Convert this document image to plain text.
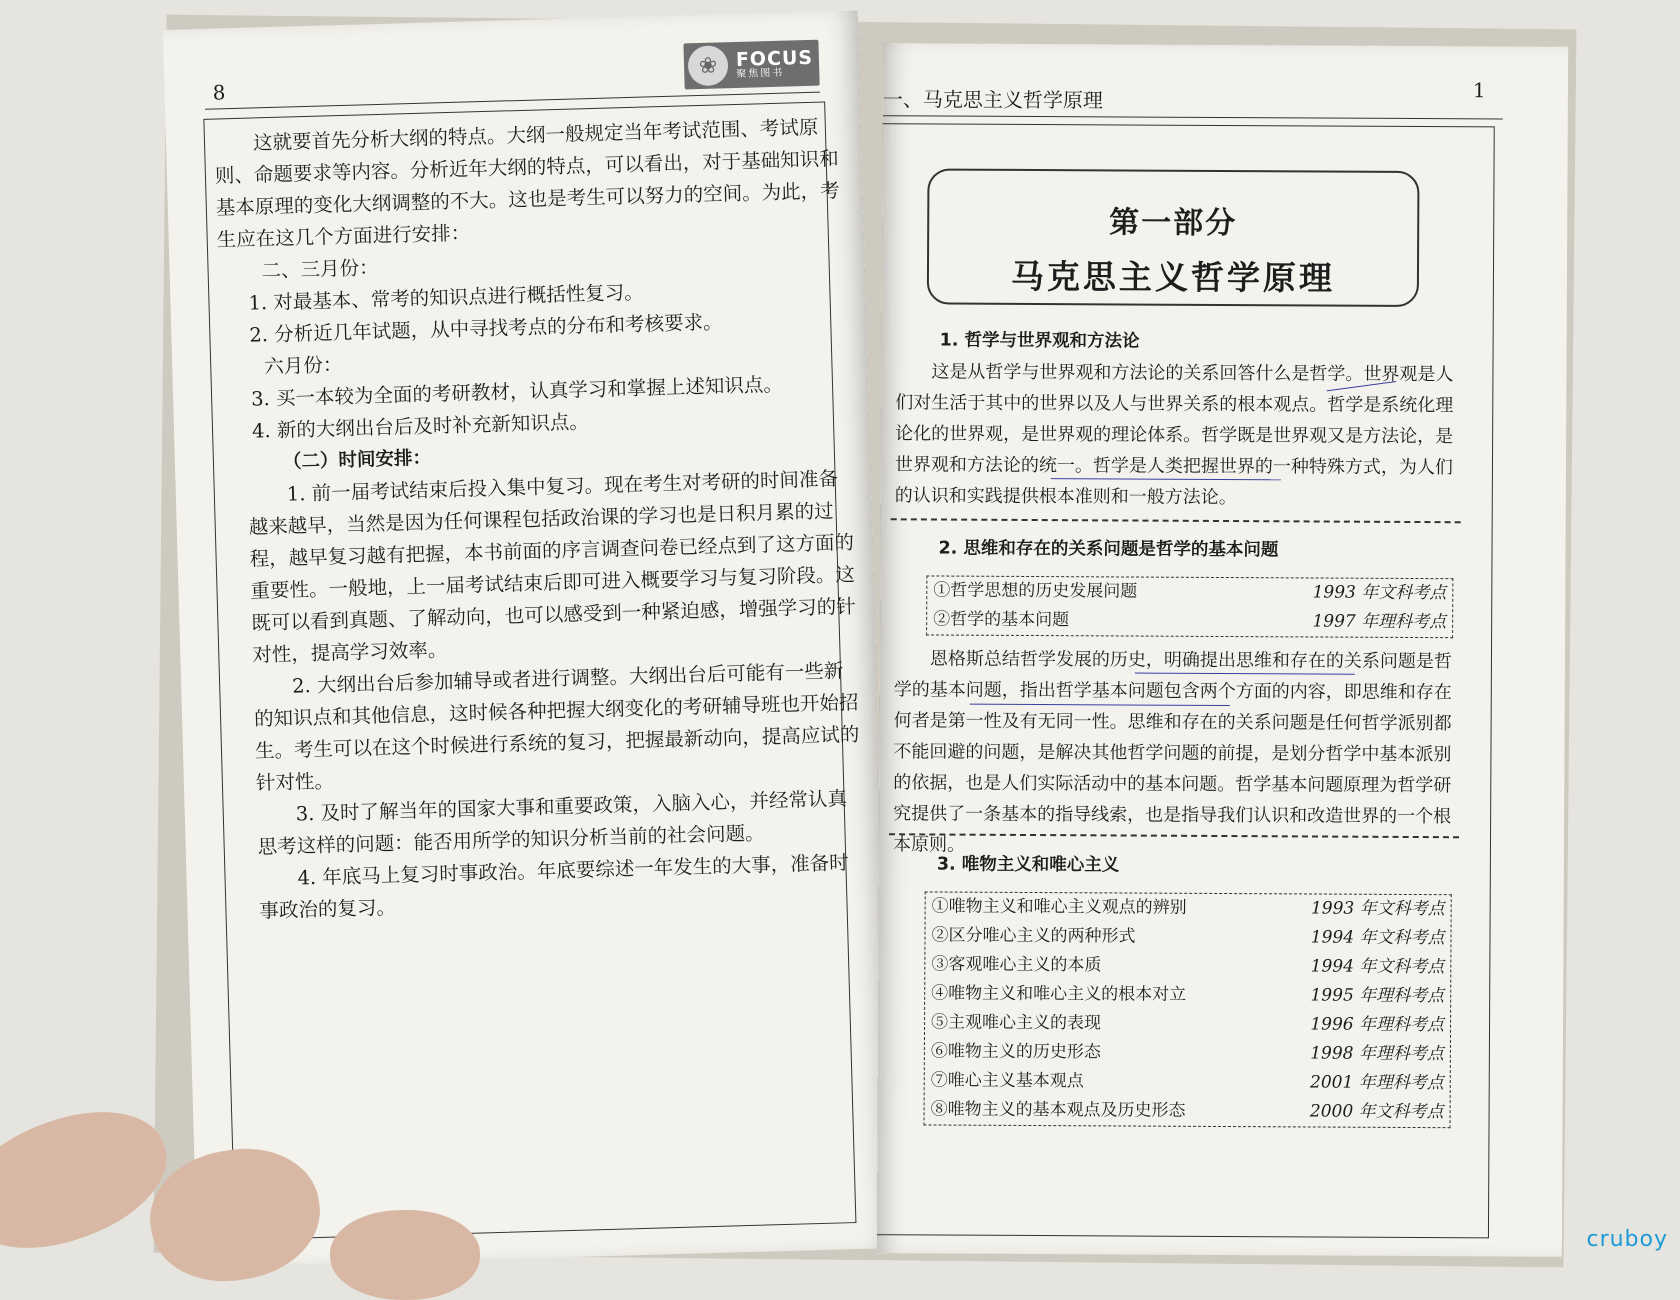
8
❀ FOCUS
聚焦图书

这就要首先分析大纲的特点。大纲一般规定当年考试范围、考试原则、命题要求等内容。分析近年大纲的特点，可以看出，对于基础知识和基本原理的变化大纲调整的不大。这也是考生可以努力的空间。为此，考生应在这几个方面进行安排：

二、三月份：

1. 对最基本、常考的知识点进行概括性复习。

2. 分析近几年试题，从中寻找考点的分布和考核要求。

六月份：

3. 买一本较为全面的考研教材，认真学习和掌握上述知识点。

4. 新的大纲出台后及时补充新知识点。

（二）时间安排：

1. 前一届考试结束后投入集中复习。现在考生对考研的时间准备越来越早，当然是因为任何课程包括政治课的学习也是日积月累的过程，越早复习越有把握，本书前面的序言调查问卷已经点到了这方面的重要性。一般地，上一届考试结束后即可进入概要学习与复习阶段。这既可以看到真题、了解动向，也可以感受到一种紧迫感，增强学习的针对性，提高学习效率。

2. 大纲出台后参加辅导或者进行调整。大纲出台后可能有一些新的知识点和其他信息，这时候各种把握大纲变化的考研辅导班也开始招生。考生可以在这个时候进行系统的复习，把握最新动向，提高应试的针对性。

3. 及时了解当年的国家大事和重要政策，入脑入心，并经常认真思考这样的问题：能否用所学的知识分析当前的社会问题。

4. 年底马上复习时事政治。年底要综述一年发生的大事，准备时事政治的复习。

一、马克思主义哲学原理	1
第一部分
马克思主义哲学原理

1. 哲学与世界观和方法论

这是从哲学与世界观和方法论的关系回答什么是哲学。世界观是人们对生活于其中的世界以及人与世界关系的根本观点。哲学是系统化理论化的世界观，是世界观的理论体系。哲学既是世界观又是方法论，是世界观和方法论的统一。哲学是人类把握世界的一种特殊方式，为人们的认识和实践提供根本准则和一般方法论。

2. 思维和存在的关系问题是哲学的基本问题

①哲学思想的历史发展问题	1993 年文科考点
②哲学的基本问题	1997 年理科考点

恩格斯总结哲学发展的历史，明确提出思维和存在的关系问题是哲学的基本问题，指出哲学基本问题包含两个方面的内容，即思维和存在何者是第一性及有无同一性。思维和存在的关系问题是任何哲学派别都不能回避的问题，是解决其他哲学问题的前提，是划分哲学中基本派别的依据，也是人们实际活动中的基本问题。哲学基本问题原理为哲学研究提供了一条基本的指导线索，也是指导我们认识和改造世界的一个根本原则。

3. 唯物主义和唯心主义

①唯物主义和唯心主义观点的辨别	1993 年文科考点
②区分唯心主义的两种形式	1994 年文科考点
③客观唯心主义的本质	1994 年文科考点
④唯物主义和唯心主义的根本对立	1995 年理科考点
⑤主观唯心主义的表现	1996 年理科考点
⑥唯物主义的历史形态	1998 年理科考点
⑦唯心主义基本观点	2001 年理科考点
⑧唯物主义的基本观点及历史形态	2000 年文科考点
cruboy
